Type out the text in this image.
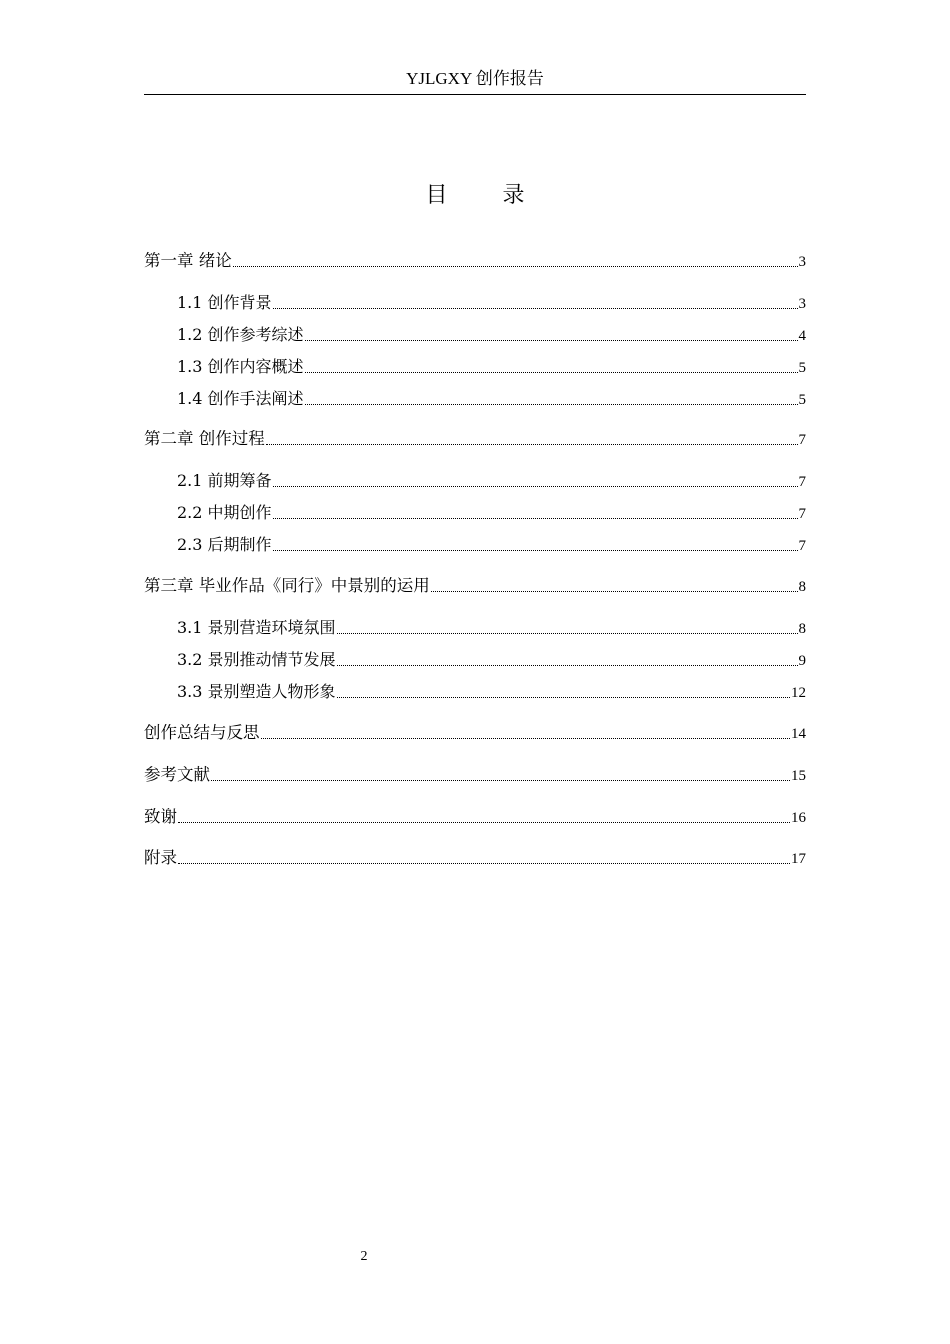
YJLGXY 创作报告
目 录
第一章 绪论	3
1.1 创作背景	3
1.2 创作参考综述	4
1.3 创作内容概述	5
1.4 创作手法阐述	5
第二章 创作过程	7
2.1 前期筹备	7
2.2 中期创作	7
2.3 后期制作	7
第三章 毕业作品《同行》中景别的运用	8
3.1 景别营造环境氛围	8
3.2 景别推动情节发展	9
3.3 景别塑造人物形象	12
创作总结与反思	14
参考文献	15
致谢	16
附录	17
2
